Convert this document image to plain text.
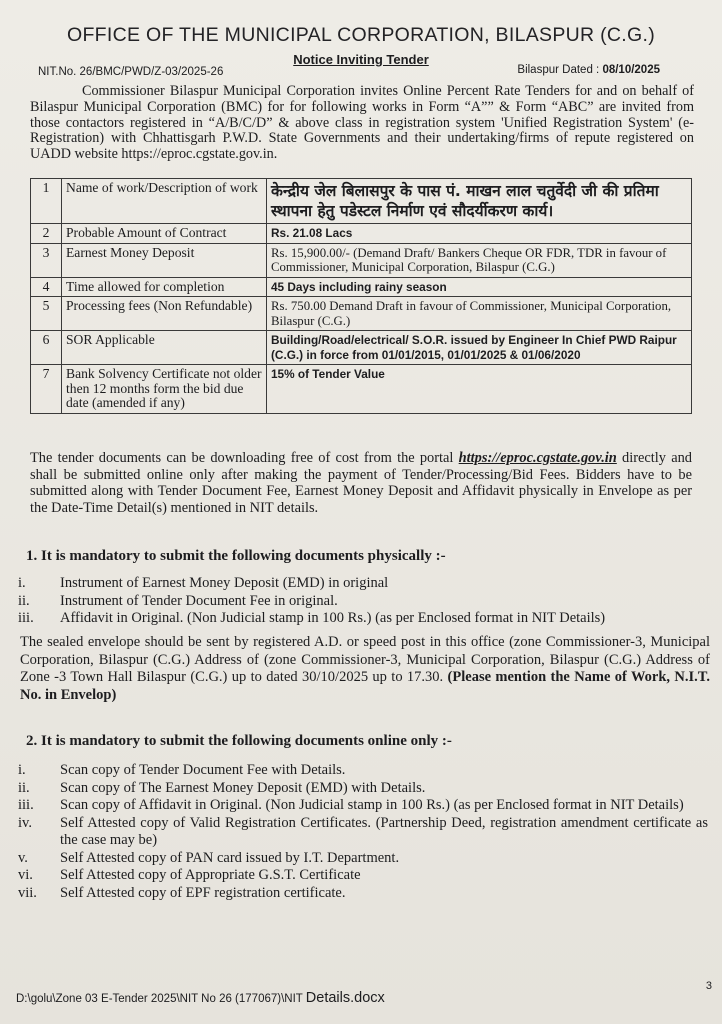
OFFICE OF THE MUNICIPAL CORPORATION, BILASPUR (C.G.)
Notice Inviting Tender
NIT.No. 26/BMC/PWD/Z-03/2025-26	Bilaspur Dated : 08/10/2025
Commissioner Bilaspur Municipal Corporation invites Online Percent Rate Tenders for and on behalf of Bilaspur Municipal Corporation (BMC) for for following works in Form “A”” & Form “ABC” are invited from those contactors registered in “A/B/C/D” & above class in registration system 'Unified Registration System' (e-Registration) with Chhattisgarh P.W.D. State Governments and their undertaking/firms of repute registered on UADD website https://eproc.cgstate.gov.in.
1	Name of work/Description of work	केन्द्रीय जेल बिलासपुर के पास पं. माखन लाल चतुर्वेदी जी की प्रतिमा स्थापना हेतु पडेस्टल निर्माण एवं सौदर्यीकरण कार्य।
2	Probable Amount of Contract	Rs. 21.08 Lacs
3	Earnest Money Deposit	Rs. 15,900.00/- (Demand Draft/ Bankers Cheque OR FDR, TDR in favour of Commissioner, Municipal Corporation, Bilaspur (C.G.)
4	Time allowed for completion	45 Days including rainy season
5	Processing fees (Non Refundable)	Rs. 750.00 Demand Draft in favour of Commissioner, Municipal Corporation, Bilaspur (C.G.)
6	SOR Applicable	Building/Road/electrical/ S.O.R. issued by Engineer In Chief PWD Raipur (C.G.) in force from 01/01/2015, 01/01/2025 & 01/06/2020
7	Bank Solvency Certificate not older then 12 months form the bid due date (amended if any)	15% of Tender Value
The tender documents can be downloading free of cost from the portal https://eproc.cgstate.gov.in directly and shall be submitted online only after making the payment of Tender/Processing/Bid Fees. Bidders have to be submitted along with Tender Document Fee, Earnest Money Deposit and Affidavit physically in Envelope as per the Date-Time Detail(s) mentioned in NIT details.
1. It is mandatory to submit the following documents physically :-
i.	Instrument of Earnest Money Deposit (EMD) in original
ii.	Instrument of Tender Document Fee in original.
iii.	Affidavit in Original. (Non Judicial stamp in 100 Rs.) (as per Enclosed format in NIT Details)
The sealed envelope should be sent by registered A.D. or speed post in this office (zone Commissioner-3, Municipal Corporation, Bilaspur (C.G.) Address of (zone Commissioner-3, Municipal Corporation, Bilaspur (C.G.) Address of Zone -3 Town Hall Bilaspur (C.G.) up to dated 30/10/2025 up to 17.30. (Please mention the Name of Work, N.I.T. No. in Envelop)
2. It is mandatory to submit the following documents online only :-
i.	Scan copy of Tender Document Fee with Details.
ii.	Scan copy of The Earnest Money Deposit (EMD) with Details.
iii.	Scan copy of Affidavit in Original. (Non Judicial stamp in 100 Rs.) (as per Enclosed format in NIT Details)
iv.	Self Attested copy of Valid Registration Certificates. (Partnership Deed, registration amendment certificate as the case may be)
v.	Self Attested copy of PAN card issued by I.T. Department.
vi.	Self Attested copy of Appropriate G.S.T. Certificate
vii.	Self Attested copy of EPF registration certificate.
D:\golu\Zone 03 E-Tender 2025\NIT No 26 (177067)\NIT Details.docx
3
